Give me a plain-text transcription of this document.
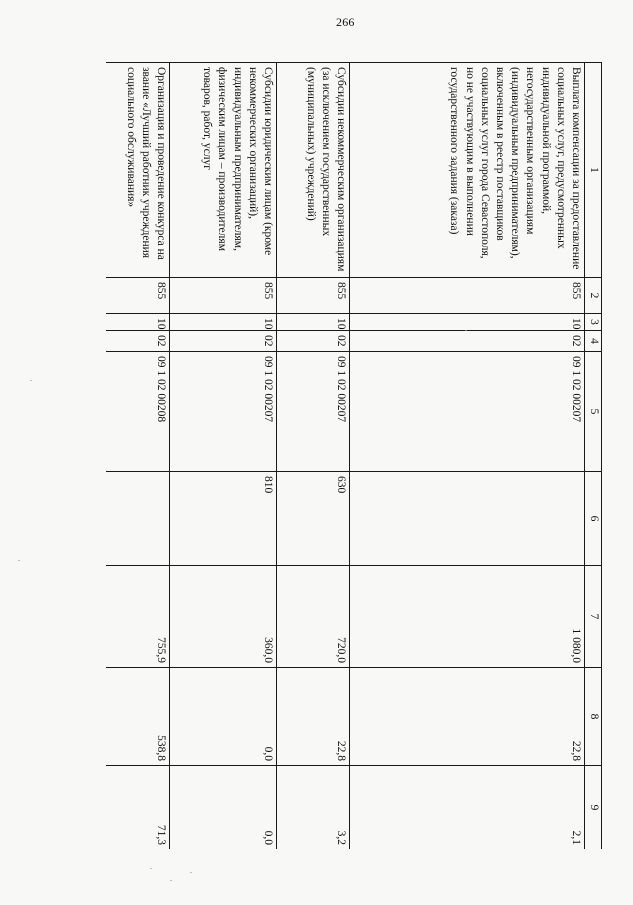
266
1	2	3	4	5	6	7	8	9
Выплата компенсации за предоставление социальных услуг, предусмотренных индивидуальной программой, негосударственным организациям (индивидуальным предпринимателям), включенным в реестр поставщиков социальных услуг города Севастополя, но не участвующим в выполнении государственного задания (заказа)	855	10	02	09 1 02 00207		1 080,0	22,8	2,1
Субсидии некоммерческим организациям (за исключением государственных (муниципальных) учреждений)	855	10	02	09 1 02 00207	630	720,0	22,8	3,2
Субсидии юридическим лицам (кроме некоммерческих организаций), индивидуальным предпринимателям, физическим лицам – производителям товаров, работ, услуг	855	10	02	09 1 02 00207	810	360,0	0,0	0,0
Организация и проведение конкурса на звание «Лучший работник учреждения социального обслуживания»	855	10	02	09 1 02 00208		755,9	538,8	71,3
